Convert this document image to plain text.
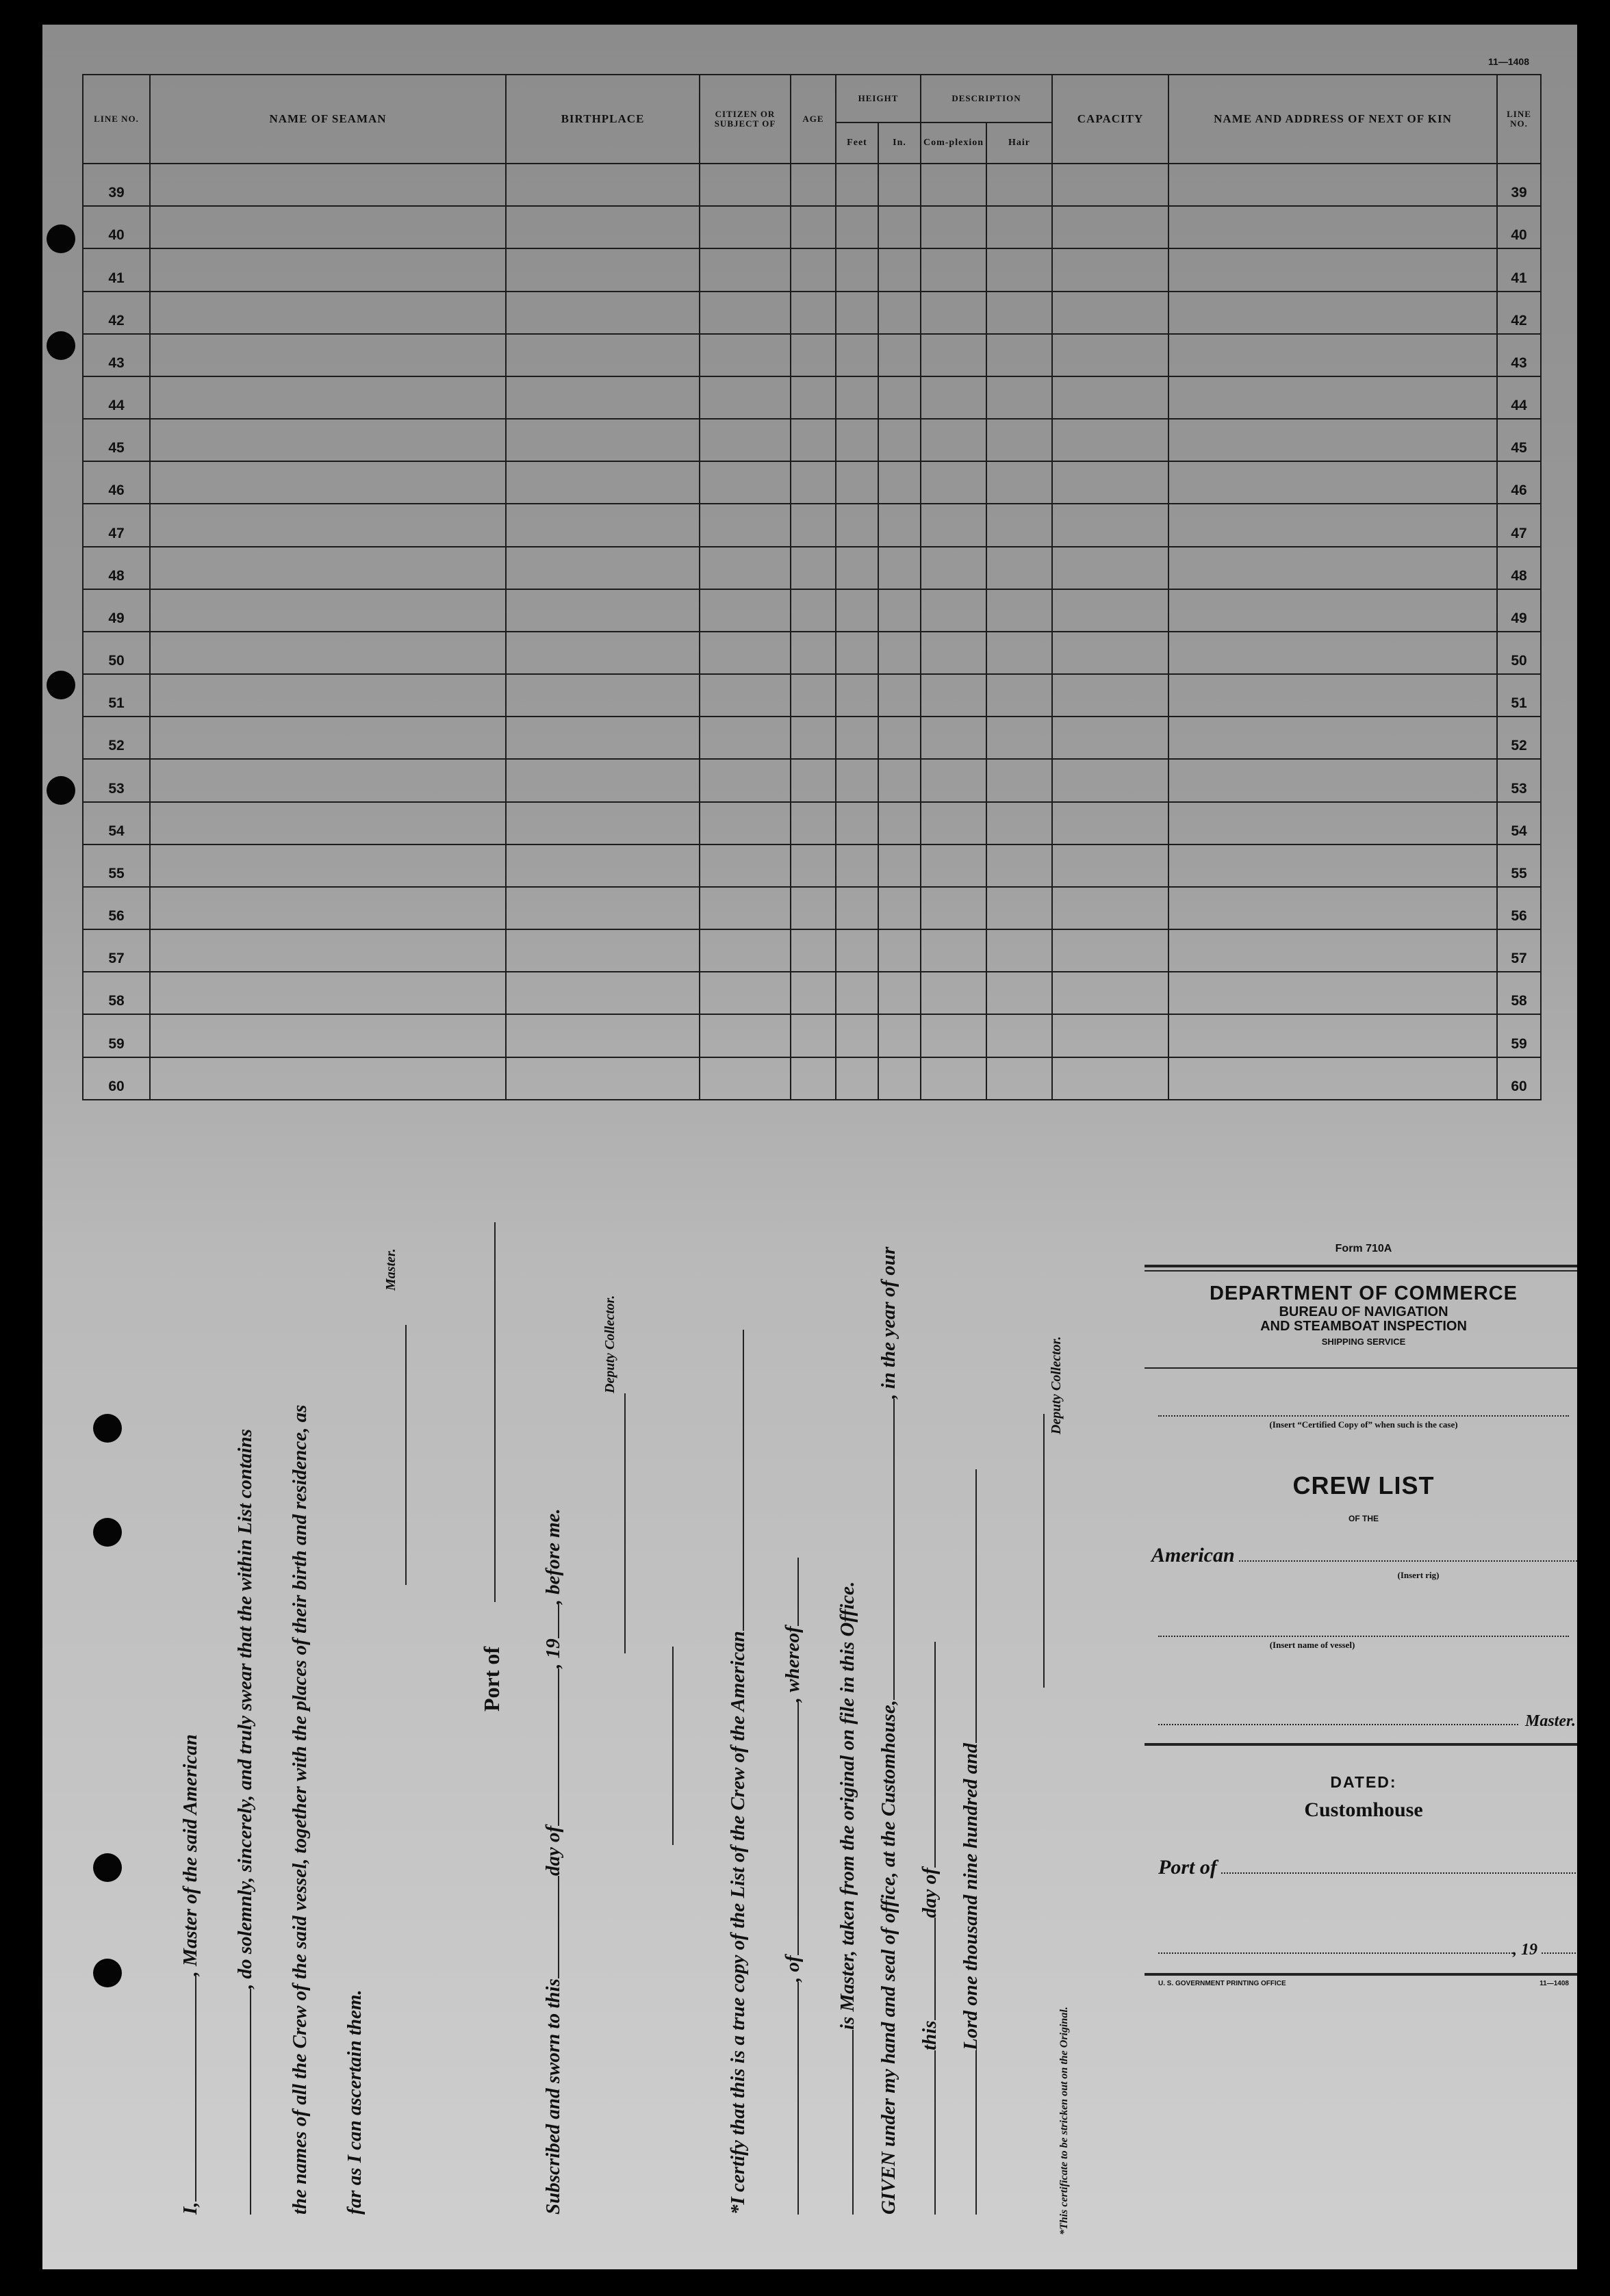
11—1408
LINE NO.	NAME OF SEAMAN	BIRTHPLACE	CITIZEN OR SUBJECT OF	AGE	HEIGHT		DESCRIPTION		CAPACITY	NAME AND ADDRESS OF NEXT OF KIN	LINE NO.
					Feet	In.	Com-plexion	Hair			
39											39
40											40
41											41
42											42
43											43
44											44
45											45
46											46
47											47
48											48
49											49
50											50
51											51
52											52
53											53
54											54
55											55
56											56
57											57
58											58
59											59
60											60
I,, Master of the said American , do solemnly, sincerely, and truly swear that the within List contains the names of all the Crew of the said vessel, together with the places of their birth and residence, as far as I can ascertain them.
Master.
Port of
Subscribed and sworn to thisday of, 19, before me.
Deputy Collector.
*I certify that this is a true copy of the List of the Crew of the American , of, whereof is Master, taken from the original on file in this Office. GIVEN under my hand and seal of office, at the Customhouse,, in the year of our
thisday of Lord one thousand nine hundred and
Deputy Collector.
*This certificate to be stricken out on the Original.
Form 710A
DEPARTMENT OF COMMERCE
BUREAU OF NAVIGATION
AND STEAMBOAT INSPECTION
SHIPPING SERVICE
(Insert “Certified Copy of” when such is the case)
CREW LIST
OF THE
American
(Insert rig)
(Insert name of vessel)
Master.
DATED:
Customhouse
Port of
, 19
U. S. GOVERNMENT PRINTING OFFICE	11—1408
